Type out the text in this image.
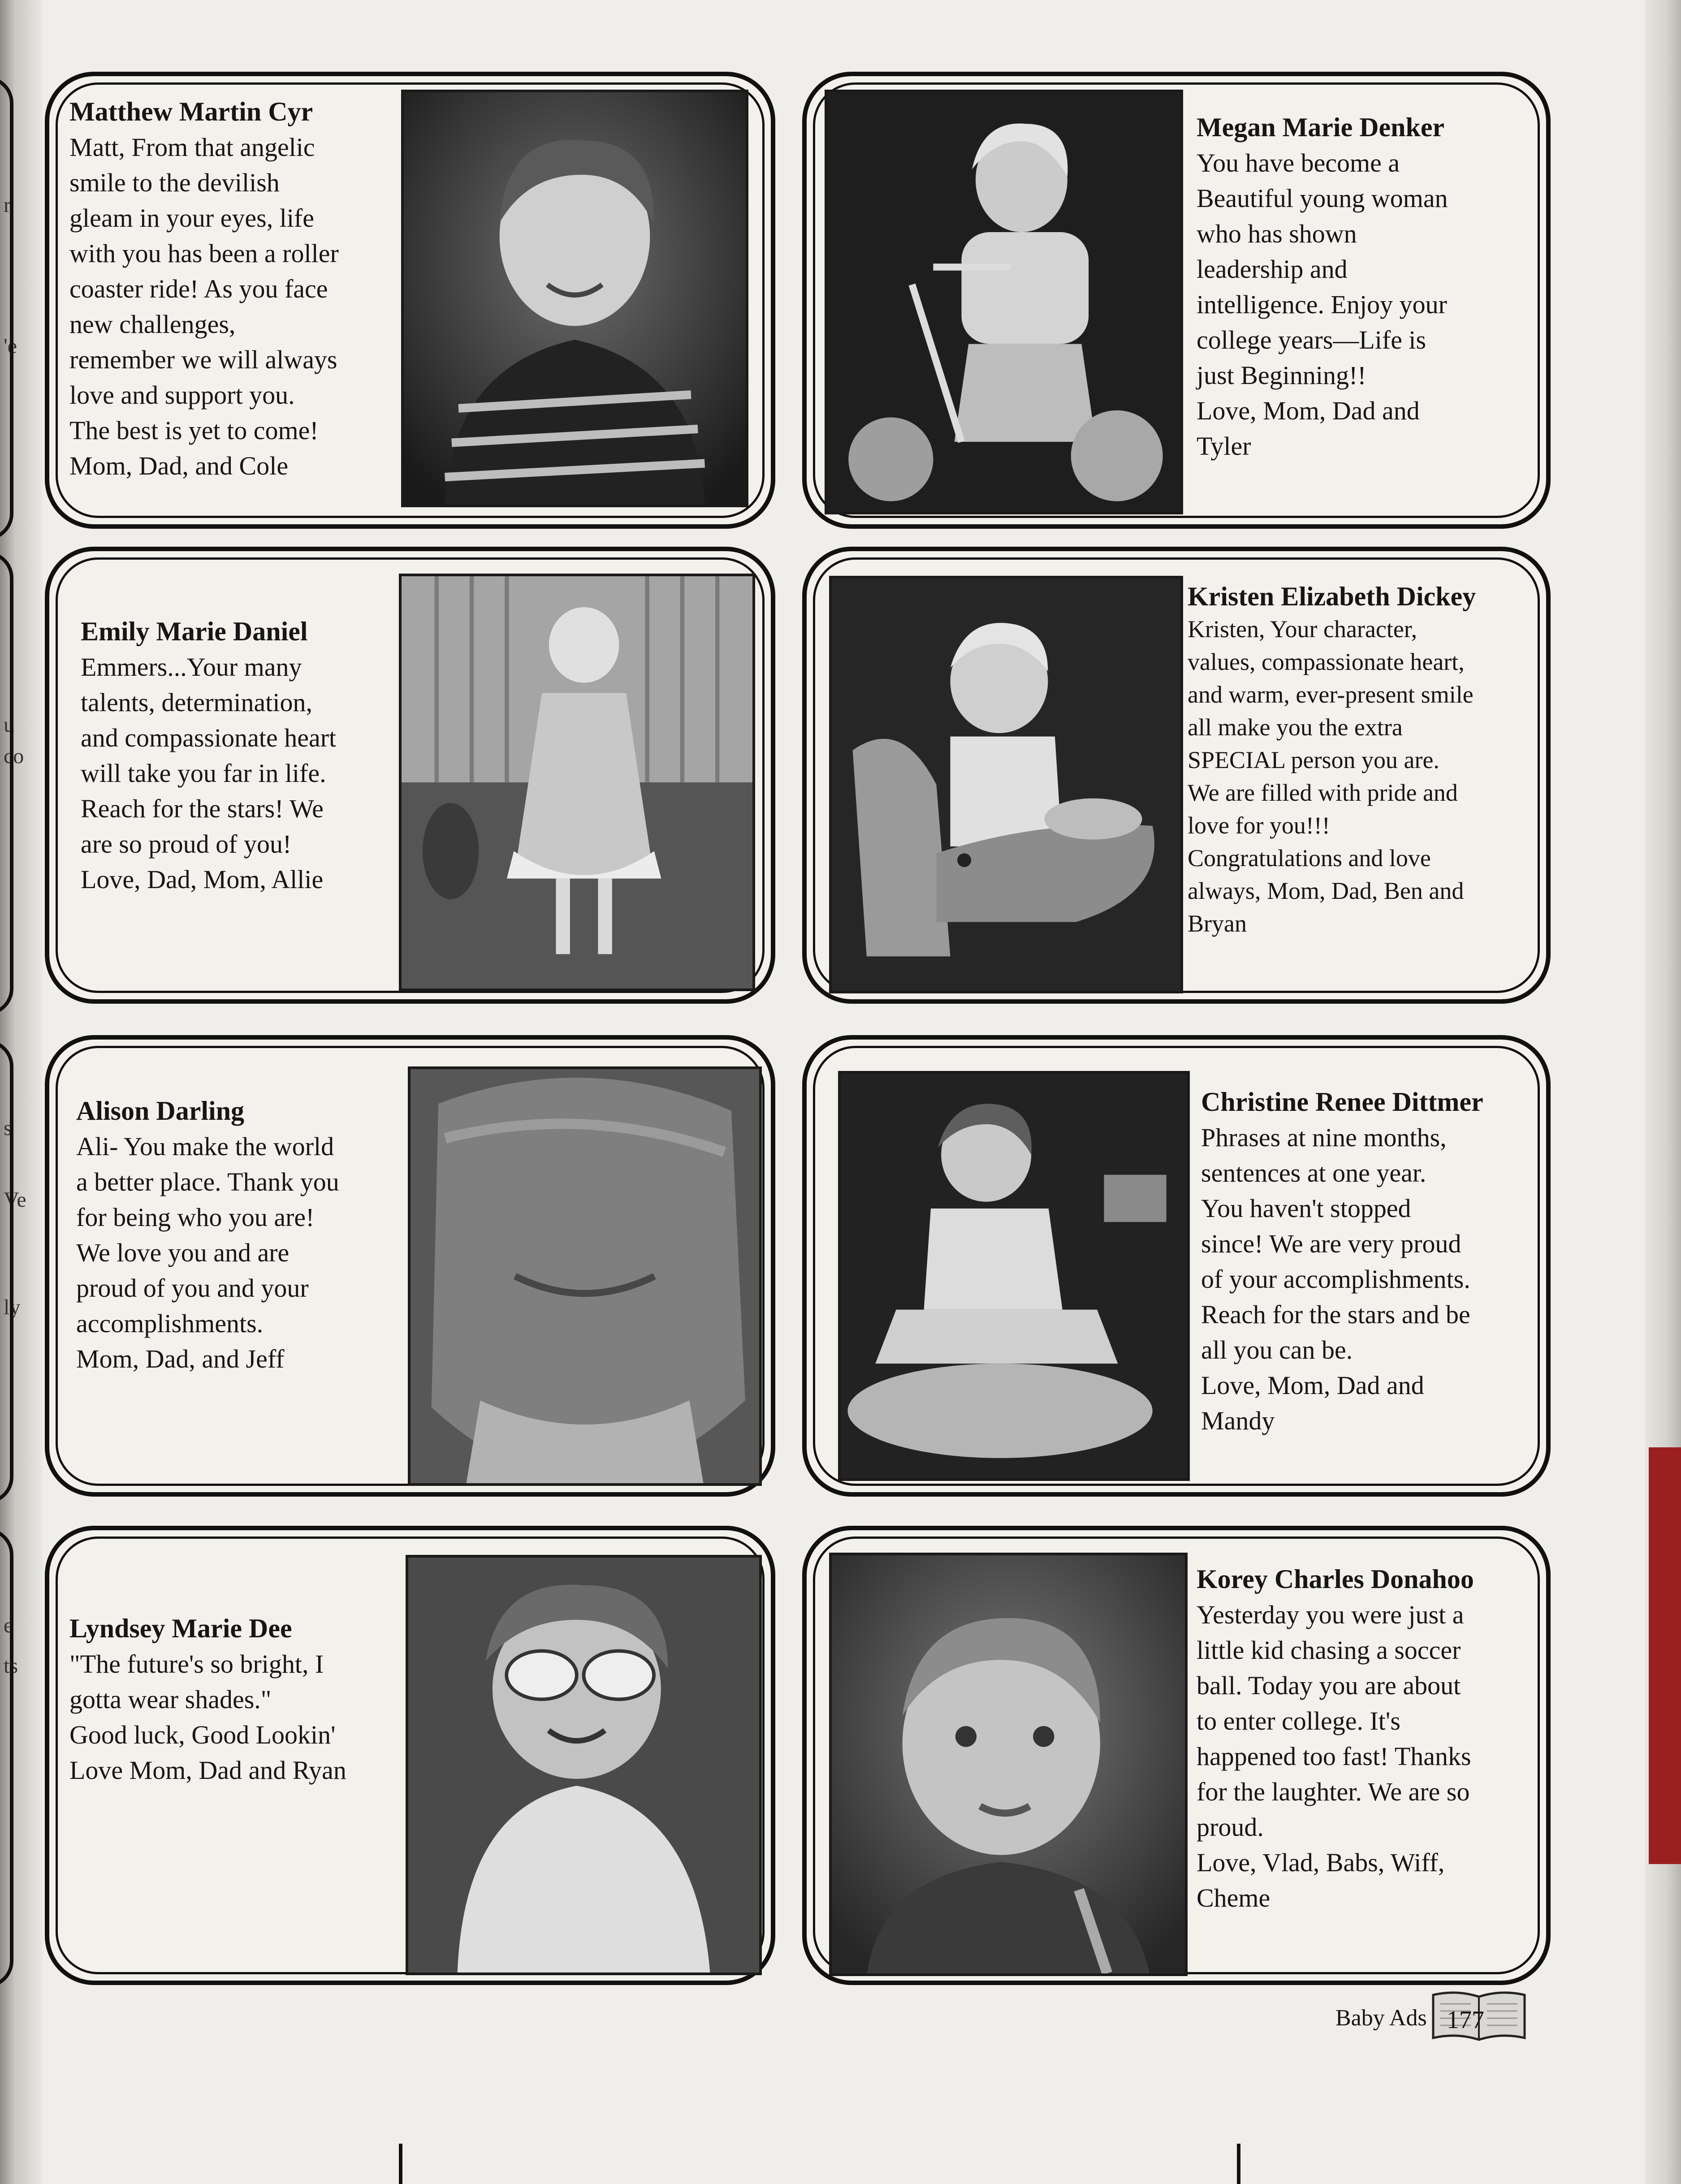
r
'e
u
co
s
Ve
ly
e
ts
Matthew Martin Cyr
Matt, From that angelic
smile to the devilish
gleam in your eyes, life
with you has been a roller
coaster ride! As you face
new challenges,
remember we will always
love and support you.
The best is yet to come!
Mom, Dad, and Cole
Megan Marie Denker
You have become a
Beautiful young woman
who has shown
leadership and
intelligence. Enjoy your
college years—Life is
just Beginning!!
Love, Mom, Dad and
Tyler
Emily Marie Daniel
Emmers...Your many
talents, determination,
and compassionate heart
will take you far in life.
Reach for the stars! We
are so proud of you!
Love, Dad, Mom, Allie
Kristen Elizabeth Dickey
Kristen, Your character,
values, compassionate heart,
and warm, ever-present smile
all make you the extra
SPECIAL person you are.
We are filled with pride and
love for you!!!
Congratulations and love
always, Mom, Dad, Ben and
Bryan
Alison Darling
Ali- You make the world
a better place. Thank you
for being who you are!
We love you and are
proud of you and your
accomplishments.
Mom, Dad, and Jeff
Christine Renee Dittmer
Phrases at nine months,
sentences at one year.
You haven't stopped
since! We are very proud
of your accomplishments.
Reach for the stars and be
all you can be.
Love, Mom, Dad and
Mandy
Lyndsey Marie Dee
"The future's so bright, I
gotta wear shades."
Good luck, Good Lookin'
Love Mom, Dad and Ryan
Korey Charles Donahoo
Yesterday you were just a
little kid chasing a soccer
ball. Today you are about
to enter college. It's
happened too fast! Thanks
for the laughter. We are so
proud.
Love, Vlad, Babs, Wiff,
Cheme
Baby Ads 177
